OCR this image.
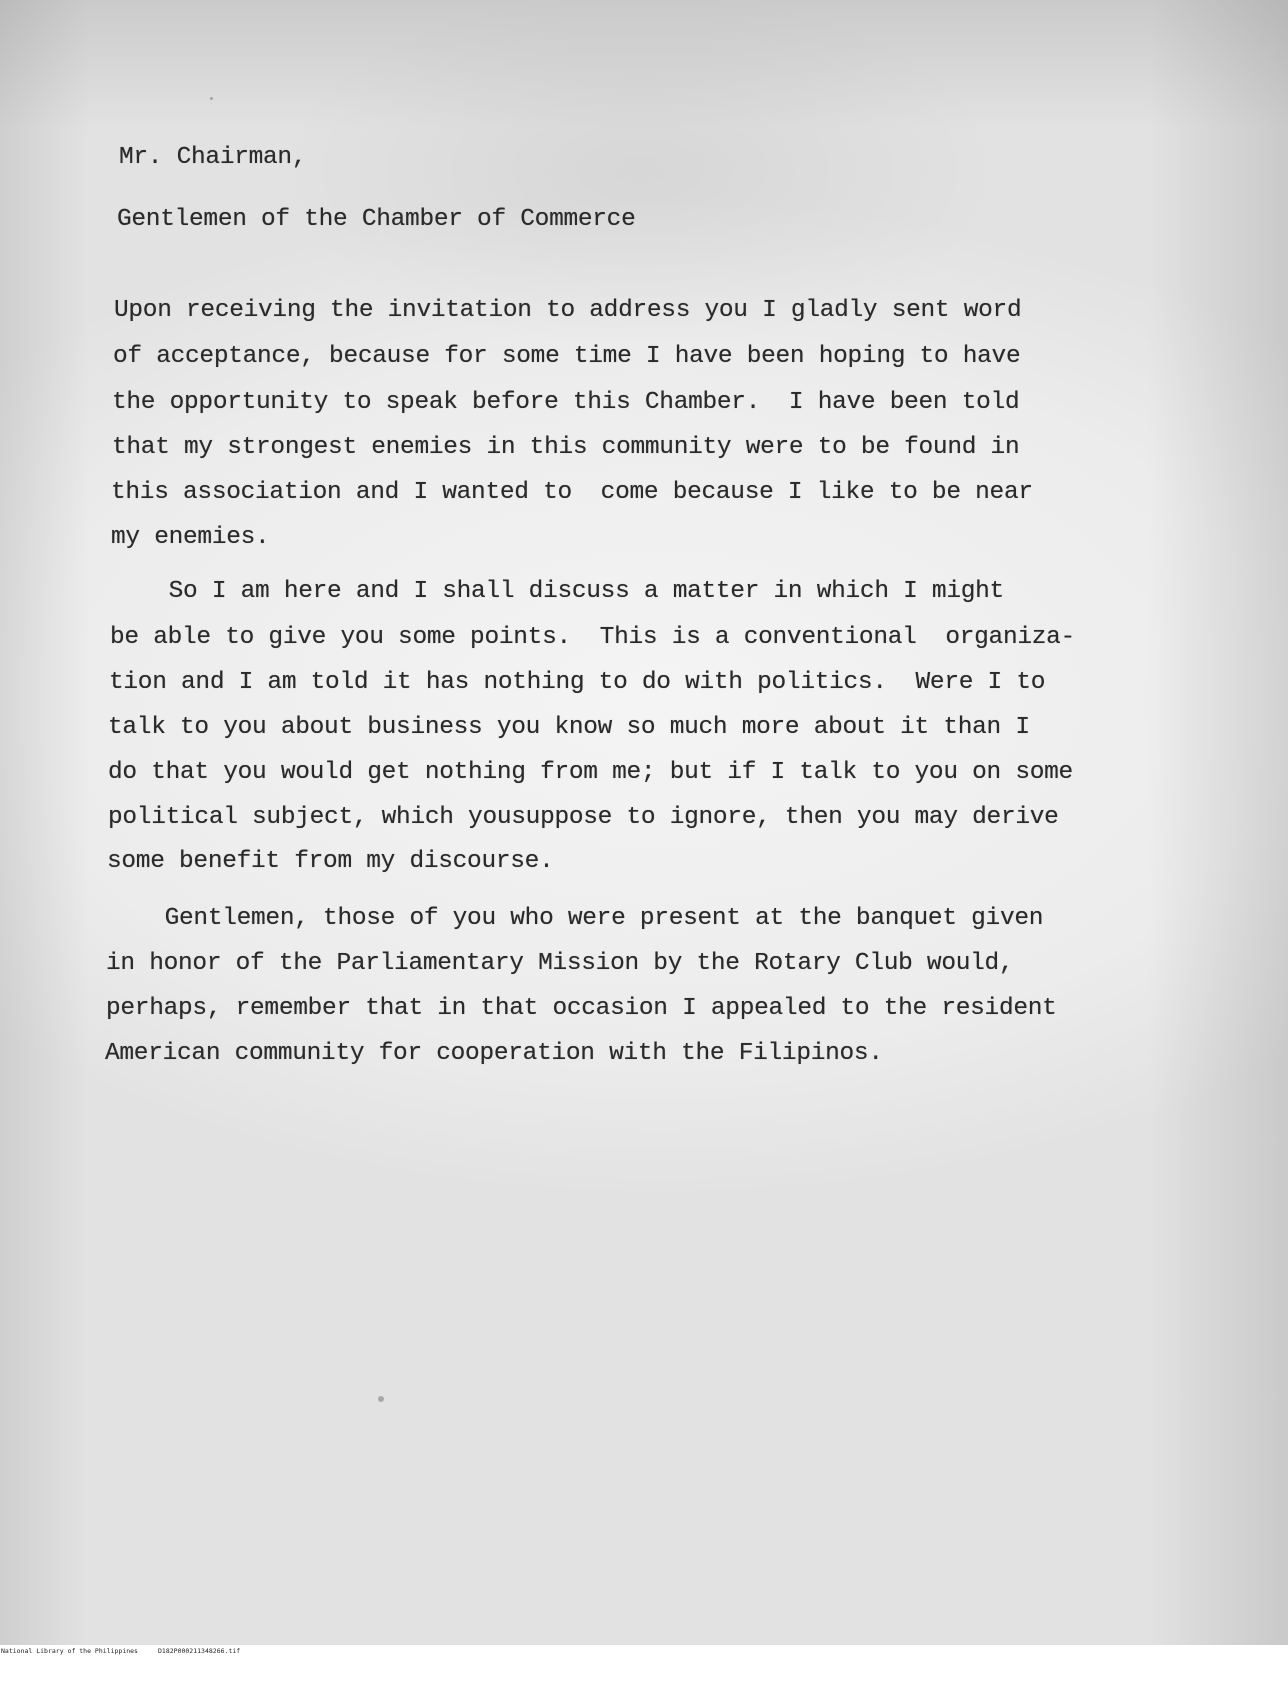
Mr. Chairman,

Gentlemen of the Chamber of Commerce

Upon receiving the invitation to address you I gladly sent word

of acceptance, because for some time I have been hoping to have

the opportunity to speak before this Chamber.  I have been told

that my strongest enemies in this community were to be found in

this association and I wanted to  come because I like to be near

my enemies.

So I am here and I shall discuss a matter in which I might

be able to give you some points.  This is a conventional  organiza-

tion and I am told it has nothing to do with politics.  Were I to

talk to you about business you know so much more about it than I

do that you would get nothing from me; but if I talk to you on some

political subject, which yousuppose to ignore, then you may derive

some benefit from my discourse.

Gentlemen, those of you who were present at the banquet given

in honor of the Parliamentary Mission by the Rotary Club would,

perhaps, remember that in that occasion I appealed to the resident

American community for cooperation with the Filipinos.

National Library of the Philippines

	D182P000211348266.tif
